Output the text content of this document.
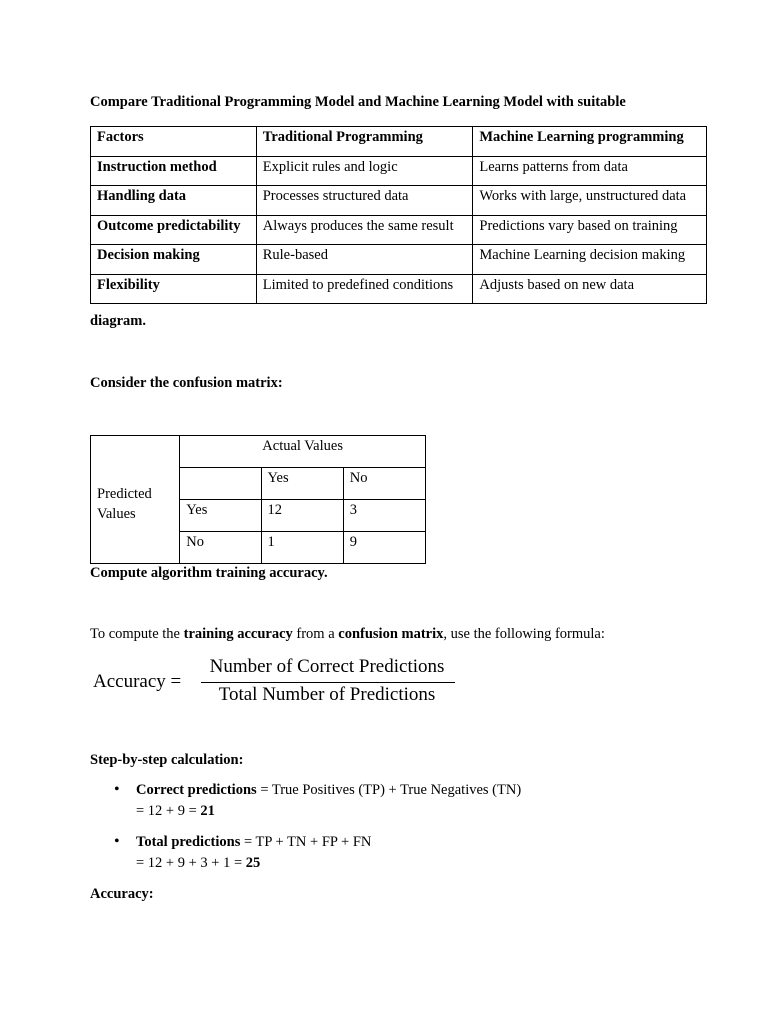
Compare Traditional Programming Model and Machine Learning Model with suitable
Factors	Traditional Programming	Machine Learning programming
Instruction method	Explicit rules and logic	Learns patterns from data
Handling data	Processes structured data	Works with large, unstructured data
Outcome predictability	Always produces the same result	Predictions vary based on training
Decision making	Rule-based	Machine Learning decision making
Flexibility	Limited to predefined conditions	Adjusts based on new data
diagram.
Consider the confusion matrix:
Predicted
Values	Actual Values		
		Yes	No
	Yes	12	3
	No	1	9
Compute algorithm training accuracy.
To compute the training accuracy from a confusion matrix, use the following formula:
Accuracy =
Number of Correct Predictions
Total Number of Predictions
Step-by-step calculation:
• Correct predictions = True Positives (TP) + True Negatives (TN)
= 12 + 9 = 21
• Total predictions = TP + TN + FP + FN
= 12 + 9 + 3 + 1 = 25
Accuracy:
